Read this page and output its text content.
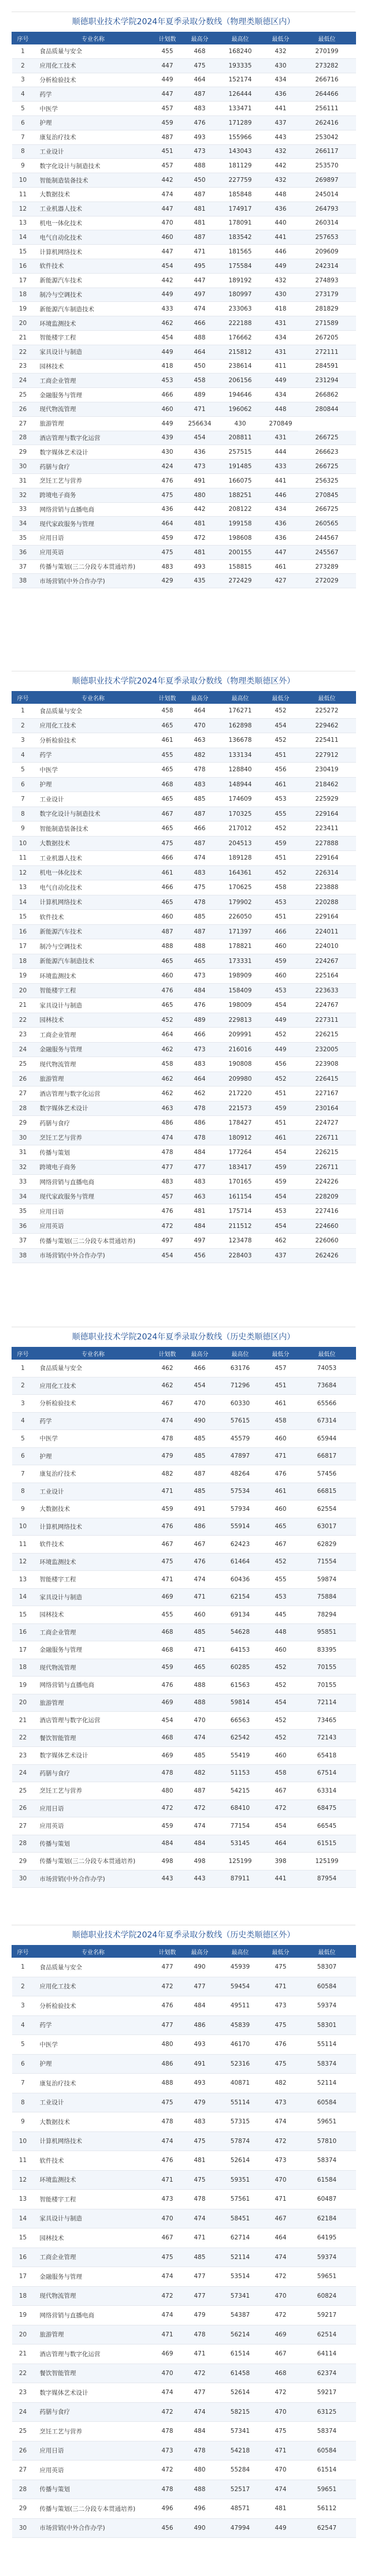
顺德职业技术学院2024年夏季录取分数线（物理类顺德区内）
序号	专业名称	计划数	最高分	最高位	最低分	最低位
1	食品质量与安全	455	468	168240	432	270199
2	应用化工技术	447	475	193335	430	273282
3	分析检验技术	449	464	152174	434	266716
4	药学	447	487	126444	436	264466
5	中医学	457	483	133471	441	256111
6	护理	459	476	171289	437	262416
7	康复治疗技术	487	493	155966	443	253042
8	工业设计	451	473	143043	432	266117
9	数字化设计与制造技术	457	488	181129	442	253570
10	智能制造装备技术	442	450	227759	432	269897
11	大数据技术	474	487	185848	448	245014
12	工业机器人技术	447	481	174917	436	264793
13	机电一体化技术	470	481	178091	440	260314
14	电气自动化技术	460	487	183542	441	257653
15	计算机网络技术	447	471	181565	446	209609
16	软件技术	454	495	175584	449	242314
17	新能源汽车技术	442	447	189192	432	274893
18	制冷与空调技术	449	497	180997	430	273179
19	新能源汽车制造技术	433	474	233063	418	281829
20	环境监测技术	462	466	222188	431	271589
21	智能楼宇工程	454	488	176662	434	267205
22	家具设计与制造	449	464	215812	431	272111
23	园林技术	418	450	238614	411	284591
24	工商企业管理	453	458	206156	449	231294
25	金融服务与管理	466	489	194646	434	266862
26	现代物流管理	460	471	196062	448	280844
27	旅游管理	449	256634	430	270849	
28	酒店管理与数字化运营	439	454	208811	431	266725
29	数字媒体艺术设计	430	436	257515	444	266623
30	药膳与食疗	424	473	191485	433	266725
31	烹饪工艺与营养	476	491	166075	441	256325
32	跨境电子商务	475	480	188251	446	270845
33	网络营销与直播电商	436	442	208122	434	266725
34	现代家政服务与管理	464	481	199158	436	260565
35	应用日语	459	472	198608	436	244567
36	应用英语	475	481	200155	447	245567
37	传播与策划(三二分段专本贯通培养)	483	493	158815	461	273289
38	市场营销(中外合作办学)	429	435	272429	427	272029
顺德职业技术学院2024年夏季录取分数线（物理类顺德区外）
序号	专业名称	计划数	最高分	最高位	最低分	最低位
1	食品质量与安全	458	464	176271	452	225272
2	应用化工技术	465	470	162898	454	229462
3	分析检验技术	461	463	136678	452	225411
4	药学	455	482	133134	451	227912
5	中医学	465	478	128840	456	230419
6	护理	468	483	148944	461	218462
7	工业设计	465	485	174609	453	225929
8	数字化设计与制造技术	467	487	170325	455	229164
9	智能制造装备技术	465	466	217012	452	223411
10	大数据技术	475	487	204513	459	227888
11	工业机器人技术	466	474	189128	451	229164
12	机电一体化技术	461	483	164361	452	226314
13	电气自动化技术	466	475	170625	458	223888
14	计算机网络技术	465	478	179902	453	220288
15	软件技术	460	485	226050	451	229164
16	新能源汽车技术	487	487	171397	466	224011
17	制冷与空调技术	488	488	178821	460	224010
18	新能源汽车制造技术	465	465	173331	459	224267
19	环境监测技术	460	473	198909	460	225164
20	智能楼宇工程	476	484	158409	453	223633
21	家具设计与制造	465	476	198009	454	224767
22	园林技术	452	489	229813	449	227311
23	工商企业管理	464	466	209991	452	226215
24	金融服务与管理	462	473	216016	449	232005
25	现代物流管理	458	483	190808	456	223908
26	旅游管理	462	464	209980	452	226415
27	酒店管理与数字化运营	462	462	217220	451	227167
28	数字媒体艺术设计	463	478	221573	459	230164
29	药膳与食疗	486	486	178427	451	224727
30	烹饪工艺与营养	474	478	180912	461	226711
31	传播与策划	478	484	177264	454	226215
32	跨境电子商务	477	477	183417	459	226711
33	网络营销与直播电商	483	483	170165	459	224226
34	现代家政服务与管理	457	463	161154	454	228209
35	应用日语	476	481	175714	453	227416
36	应用英语	472	484	211512	454	224660
37	传播与策划(三二分段专本贯通培养)	497	497	123478	462	226060
38	市场营销(中外合作办学)	454	456	228403	437	262426
顺德职业技术学院2024年夏季录取分数线（历史类顺德区内）
序号	专业名称	计划数	最高分	最高位	最低分	最低位
1	食品质量与安全	462	466	63176	457	74053
2	应用化工技术	462	454	71296	451	73684
3	分析检验技术	467	470	60330	461	65566
4	药学	474	490	57615	458	67314
5	中医学	478	485	45579	460	65944
6	护理	479	485	47897	471	66817
7	康复治疗技术	482	487	48264	476	57456
8	工业设计	471	485	57534	461	66815
9	大数据技术	459	491	57934	460	62554
10	计算机网络技术	476	486	55914	465	63017
11	软件技术	467	467	62423	467	62829
12	环境监测技术	475	476	61464	452	71554
13	智能楼宇工程	471	474	60436	455	59874
14	家具设计与制造	469	471	62154	453	75884
15	园林技术	455	460	69134	445	78294
16	工商企业管理	468	485	54628	448	95851
17	金融服务与管理	468	471	64153	460	83395
18	现代物流管理	459	465	60285	452	70155
19	网络营销与直播电商	476	488	61563	452	70155
20	旅游管理	469	488	59814	454	72114
21	酒店管理与数字化运营	454	470	66563	452	73465
22	餐饮智能管理	468	474	62542	452	72143
23	数字媒体艺术设计	469	485	55419	460	65418
24	药膳与食疗	478	482	51153	458	67514
25	烹饪工艺与营养	480	487	54215	467	63314
26	应用日语	472	472	68410	472	68475
27	应用英语	459	474	77154	454	66545
28	传播与策划	484	484	53145	464	61515
29	传播与策划(三二分段专本贯通培养)	498	498	125199	398	125199
30	市场营销(中外合作办学)	443	443	87911	441	87954
顺德职业技术学院2024年夏季录取分数线（历史类顺德区外）
序号	专业名称	计划数	最高分	最高位	最低分	最低位
1	食品质量与安全	477	490	45939	475	58307
2	应用化工技术	472	477	59454	471	60584
3	分析检验技术	476	484	49511	473	59374
4	药学	477	486	45839	475	58301
5	中医学	480	493	46170	476	55114
6	护理	486	491	52316	475	58374
7	康复治疗技术	488	493	40871	482	52114
8	工业设计	475	479	55114	473	60584
9	大数据技术	478	483	57315	474	59651
10	计算机网络技术	474	475	57874	472	57810
11	软件技术	476	481	52614	473	58374
12	环境监测技术	471	475	59351	470	61584
13	智能楼宇工程	473	478	57561	471	60487
14	家具设计与制造	470	474	58451	467	62184
15	园林技术	467	471	62714	464	64195
16	工商企业管理	475	485	52114	474	59374
17	金融服务与管理	474	477	53514	472	59651
18	现代物流管理	472	477	57341	470	60824
19	网络营销与直播电商	474	479	54387	472	59217
20	旅游管理	471	478	56214	469	62514
21	酒店管理与数字化运营	469	471	61514	467	64114
22	餐饮智能管理	470	472	61458	468	62374
23	数字媒体艺术设计	474	477	52614	472	59217
24	药膳与食疗	472	474	58215	470	63125
25	烹饪工艺与营养	478	484	57341	475	58374
26	应用日语	473	478	54218	471	60584
27	应用英语	472	480	55284	470	61514
28	传播与策划	478	488	52517	474	59651
29	传播与策划(三二分段专本贯通培养)	496	496	48571	481	56112
30	市场营销(中外合作办学)	456	490	47994	449	62547
